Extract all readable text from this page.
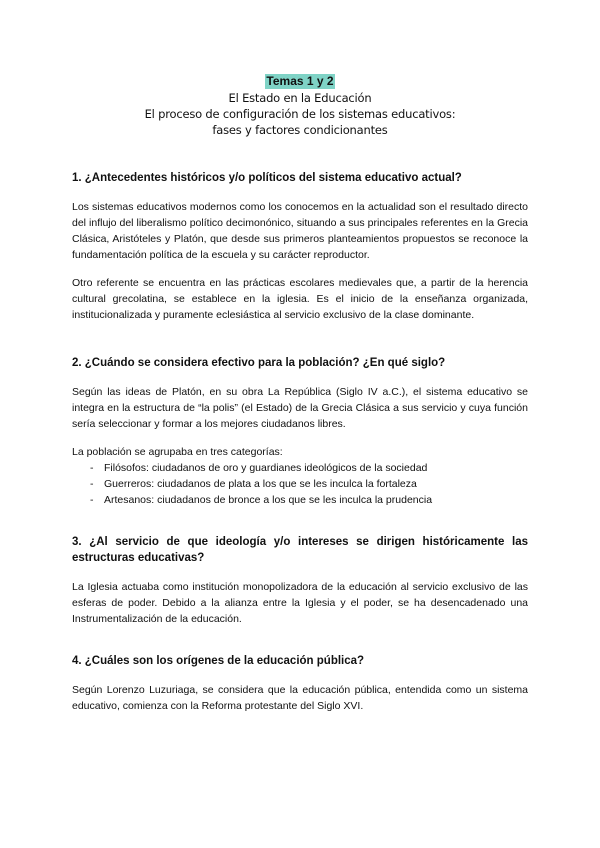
Temas 1 y 2
El Estado en la Educación
El proceso de configuración de los sistemas educativos:
fases y factores condicionantes
1. ¿Antecedentes históricos y/o políticos del sistema educativo actual?

Los sistemas educativos modernos como los conocemos en la actualidad son el resultado directo del influjo del liberalismo político decimonónico, situando a sus principales referentes en la Grecia Clásica, Aristóteles y Platón, que desde sus primeros planteamientos propuestos se reconoce la fundamentación política de la escuela y su carácter reproductor.

Otro referente se encuentra en las prácticas escolares medievales que, a partir de la herencia cultural grecolatina, se establece en la iglesia. Es el inicio de la enseñanza organizada, institucionalizada y puramente eclesiástica al servicio exclusivo de la clase dominante.

2. ¿Cuándo se considera efectivo para la población? ¿En qué siglo?

Según las ideas de Platón, en su obra La República (Siglo IV a.C.), el sistema educativo se integra en la estructura de “la polis” (el Estado) de la Grecia Clásica a sus servicio y cuya función sería seleccionar y formar a los mejores ciudadanos libres.

La población se agrupaba en tres categorías:

- Filósofos: ciudadanos de oro y guardianes ideológicos de la sociedad
- Guerreros: ciudadanos de plata a los que se les inculca la fortaleza
- Artesanos: ciudadanos de bronce a los que se les inculca la prudencia
3. ¿Al servicio de que ideología y/o intereses se dirigen históricamente las estructuras educativas?

La Iglesia actuaba como institución monopolizadora de la educación al servicio exclusivo de las esferas de poder. Debido a la alianza entre la Iglesia y el poder, se ha desencadenado una Instrumentalización de la educación.

4. ¿Cuáles son los orígenes de la educación pública?

Según Lorenzo Luzuriaga, se considera que la educación pública, entendida como un sistema educativo, comienza con la Reforma protestante del Siglo XVI.
